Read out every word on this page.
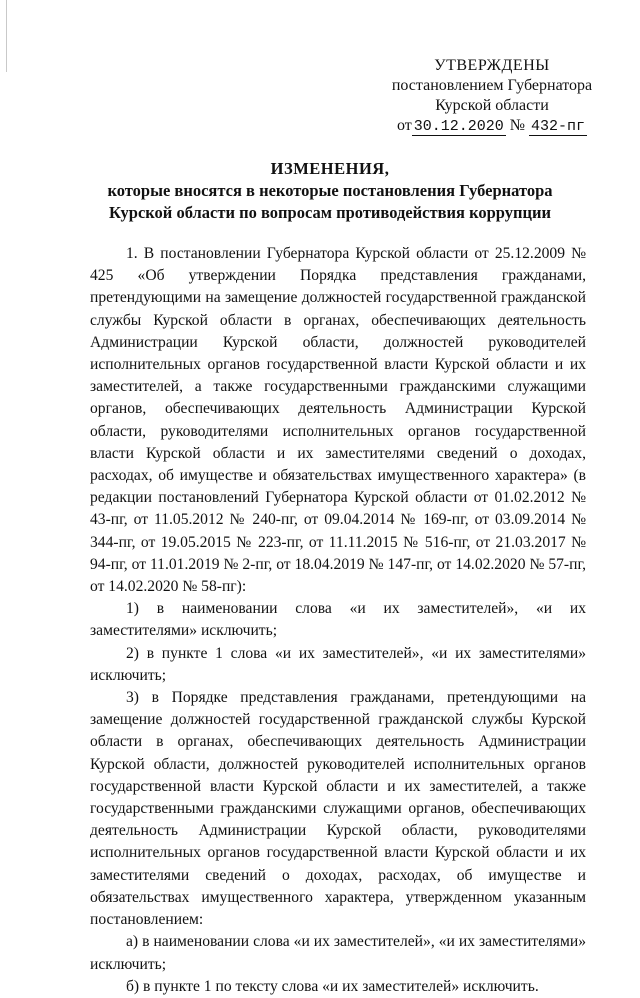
УТВЕРЖДЕНЫ
постановлением Губернатора
Курской области
от 30.12.2020 № 432-пг
ИЗМЕНЕНИЯ,
которые вносятся в некоторые постановления Губернатора Курской области по вопросам противодействия коррупции

1. В постановлении Губернатора Курской области от 25.12.2009 № 425 «Об утверждении Порядка представления гражданами, претендующими на замещение должностей государственной гражданской службы Курской области в органах, обеспечивающих деятельность Администрации Курской области, должностей руководителей исполнительных органов государственной власти Курской области и их заместителей, а также государственными гражданскими служащими органов, обеспечивающих деятельность Администрации Курской области, руководителями исполнительных органов государственной власти Курской области и их заместителями сведений о доходах, расходах, об имуществе и обязательствах имущественного характера» (в редакции постановлений Губернатора Курской области от 01.02.2012 № 43-пг, от 11.05.2012 № 240-пг, от 09.04.2014 № 169-пг, от 03.09.2014 № 344-пг, от 19.05.2015 № 223-пг, от 11.11.2015 № 516-пг, от 21.03.2017 № 94-пг, от 11.01.2019 № 2-пг, от 18.04.2019 № 147-пг, от 14.02.2020 № 57-пг, от 14.02.2020 № 58-пг):

1) в наименовании слова «и их заместителей», «и их заместителями» исключить;

2) в пункте 1 слова «и их заместителей», «и их заместителями» исключить;

3) в Порядке представления гражданами, претендующими на замещение должностей государственной гражданской службы Курской области в органах, обеспечивающих деятельность Администрации Курской области, должностей руководителей исполнительных органов государственной власти Курской области и их заместителей, а также государственными гражданскими служащими органов, обеспечивающих деятельность Администрации Курской области, руководителями исполнительных органов государственной власти Курской области и их заместителями сведений о доходах, расходах, об имуществе и обязательствах имущественного характера, утвержденном указанным постановлением:

а) в наименовании слова «и их заместителей», «и их заместителями» исключить;

б) в пункте 1 по тексту слова «и их заместителей» исключить.
